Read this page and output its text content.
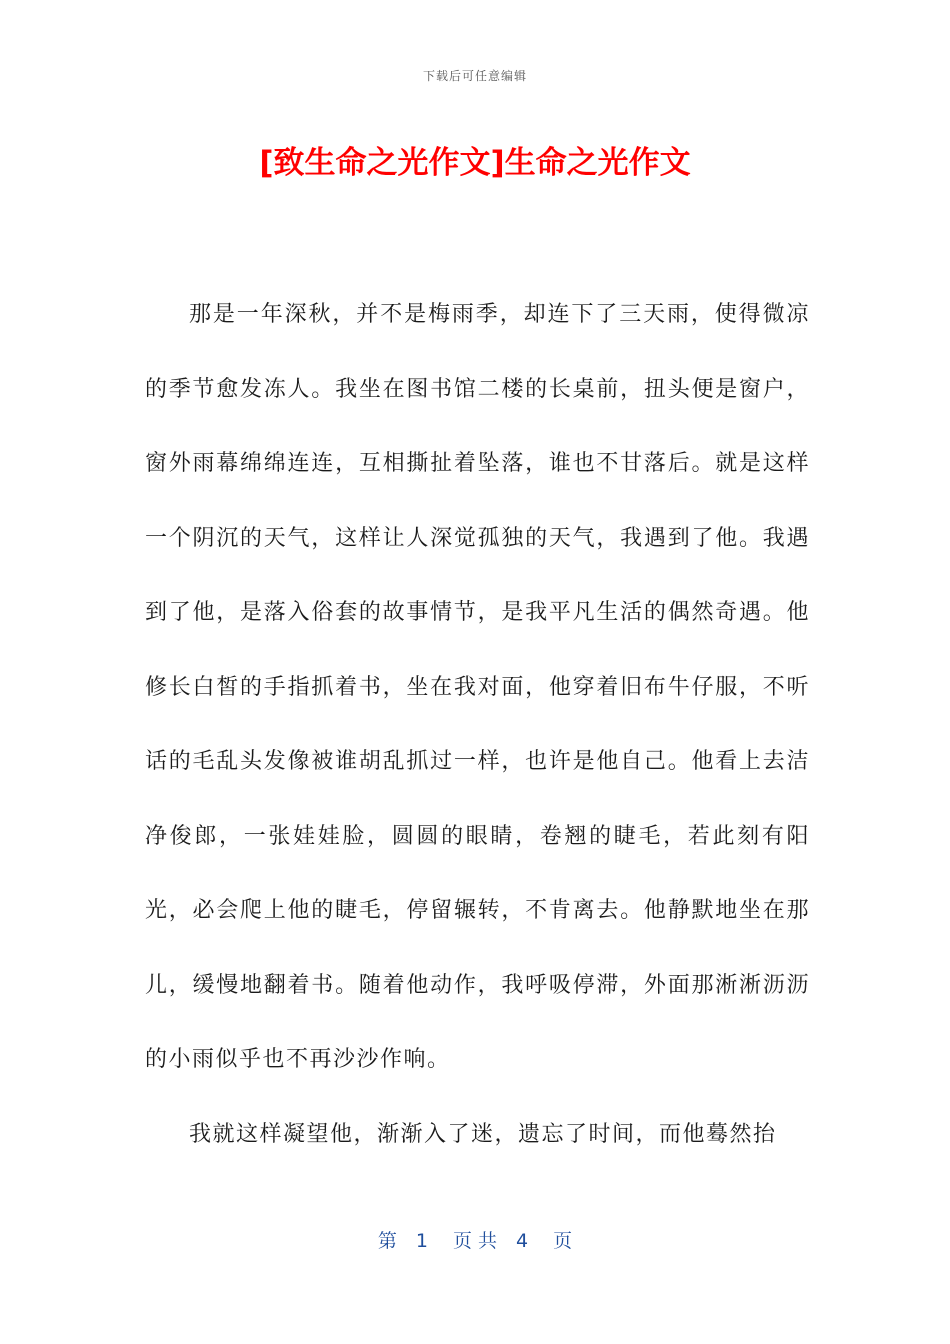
下载后可任意编辑
[致生命之光作文]生命之光作文

那是一年深秋，并不是梅雨季，却连下了三天雨，使得微凉的季节愈发冻人。我坐在图书馆二楼的长桌前，扭头便是窗户，窗外雨幕绵绵连连，互相撕扯着坠落，谁也不甘落后。就是这样一个阴沉的天气，这样让人深觉孤独的天气，我遇到了他。我遇到了他，是落入俗套的故事情节，是我平凡生活的偶然奇遇。他修长白皙的手指抓着书，坐在我对面，他穿着旧布牛仔服，不听话的毛乱头发像被谁胡乱抓过一样，也许是他自己。他看上去洁净俊郎，一张娃娃脸，圆圆的眼睛，卷翘的睫毛，若此刻有阳光，必会爬上他的睫毛，停留辗转，不肯离去。他静默地坐在那儿，缓慢地翻着书。随着他动作，我呼吸停滞，外面那淅淅沥沥的小雨似乎也不再沙沙作响。

我就这样凝望他，渐渐入了迷，遗忘了时间，而他蓦然抬

第　1　 页 共　4　 页
